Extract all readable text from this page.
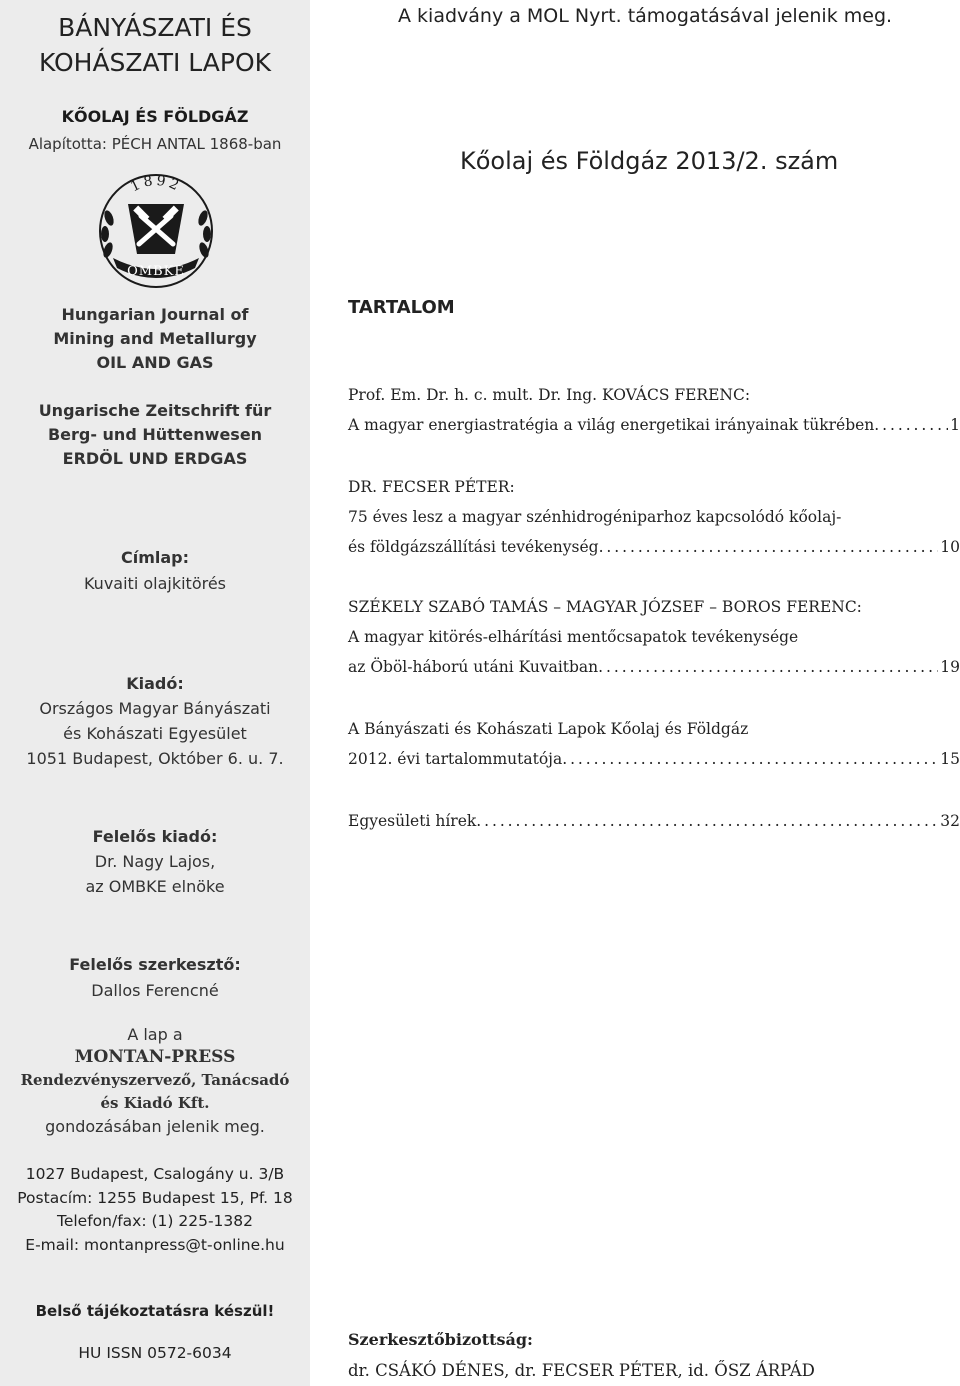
BÁNYÁSZATI ÉS
KOHÁSZATI LAPOK
KŐOLAJ ÉS FÖLDGÁZ
Alapította: PÉCH ANTAL 1868-ban
1892
OMBKE
Hungarian Journal of
Mining and Metallurgy
OIL AND GAS
Ungarische Zeitschrift für
Berg- und Hüttenwesen
ERDÖL UND ERDGAS
Címlap:
Kuvaiti olajkitörés
Kiadó:
Országos Magyar Bányászati
és Kohászati Egyesület
1051 Budapest, Október 6. u. 7.
Felelős kiadó:
Dr. Nagy Lajos,
az OMBKE elnöke
Felelős szerkesztő:
Dallos Ferencné
A lap a
MONTAN-PRESS
Rendezvényszervező, Tanácsadó
és Kiadó Kft.
gondozásában jelenik meg.
1027 Budapest, Csalogány u. 3/B
Postacím: 1255 Budapest 15, Pf. 18
Telefon/fax: (1) 225-1382
E-mail: montanpress@t-online.hu
Belső tájékoztatásra készül!
HU ISSN 0572-6034
A kiadvány a MOL Nyrt. támogatásával jelenik meg.
Kőolaj és Földgáz 2013/2. szám
TARTALOM
Prof. Em. Dr. h. c. mult. Dr. Ing. KOVÁCS FERENC:
A magyar energiastratégia a világ energetikai irányainak tükrében . . .	1
DR. FECSER PÉTER:
75 éves lesz a magyar szénhidrogéniparhoz kapcsolódó kőolaj-
és földgázszállítási tevékenység . . .	10
SZÉKELY SZABÓ TAMÁS – MAGYAR JÓZSEF – BOROS FERENC:
A magyar kitörés-elhárítási mentőcsapatok tevékenysége
az Öböl-háború utáni Kuvaitban . . .	19
A Bányászati és Kohászati Lapok Kőolaj és Földgáz
2012. évi tartalommutatója . . .	15
Egyesületi hírek . . .	32
Szerkesztőbizottság:
dr. CSÁKÓ DÉNES, dr. FECSER PÉTER, id. ŐSZ ÁRPÁD
